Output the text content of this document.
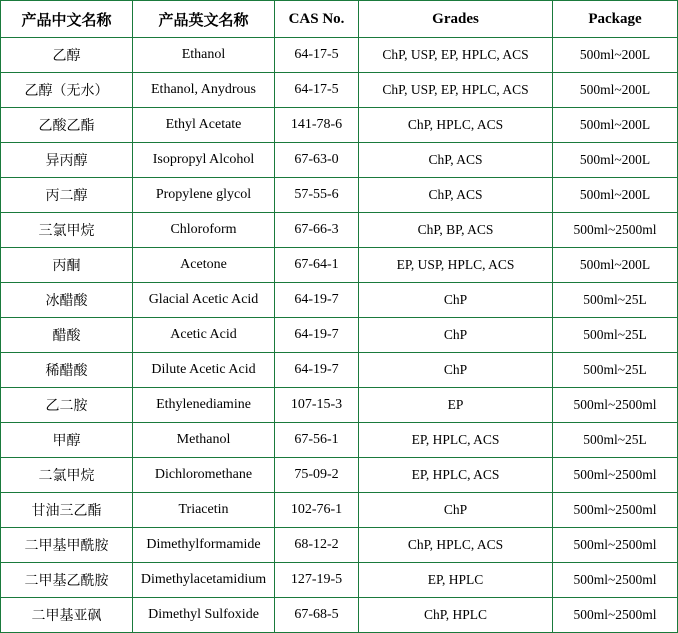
产品中文名称	产品英文名称	CAS No.	Grades	Package
乙醇	Ethanol	64-17-5	ChP, USP, EP, HPLC, ACS	500ml~200L
乙醇（无水）	Ethanol, Anydrous	64-17-5	ChP, USP, EP, HPLC, ACS	500ml~200L
乙酸乙酯	Ethyl Acetate	141-78-6	ChP, HPLC, ACS	500ml~200L
异丙醇	Isopropyl Alcohol	67-63-0	ChP, ACS	500ml~200L
丙二醇	Propylene glycol	57-55-6	ChP, ACS	500ml~200L
三氯甲烷	Chloroform	67-66-3	ChP, BP, ACS	500ml~2500ml
丙酮	Acetone	67-64-1	EP, USP, HPLC, ACS	500ml~200L
冰醋酸	Glacial Acetic Acid	64-19-7	ChP	500ml~25L
醋酸	Acetic Acid	64-19-7	ChP	500ml~25L
稀醋酸	Dilute Acetic Acid	64-19-7	ChP	500ml~25L
乙二胺	Ethylenediamine	107-15-3	EP	500ml~2500ml
甲醇	Methanol	67-56-1	EP, HPLC, ACS	500ml~25L
二氯甲烷	Dichloromethane	75-09-2	EP, HPLC, ACS	500ml~2500ml
甘油三乙酯	Triacetin	102-76-1	ChP	500ml~2500ml
二甲基甲酰胺	Dimethylformamide	68-12-2	ChP, HPLC, ACS	500ml~2500ml
二甲基乙酰胺	Dimethylacetamidium	127-19-5	EP, HPLC	500ml~2500ml
二甲基亚砜	Dimethyl Sulfoxide	67-68-5	ChP, HPLC	500ml~2500ml
